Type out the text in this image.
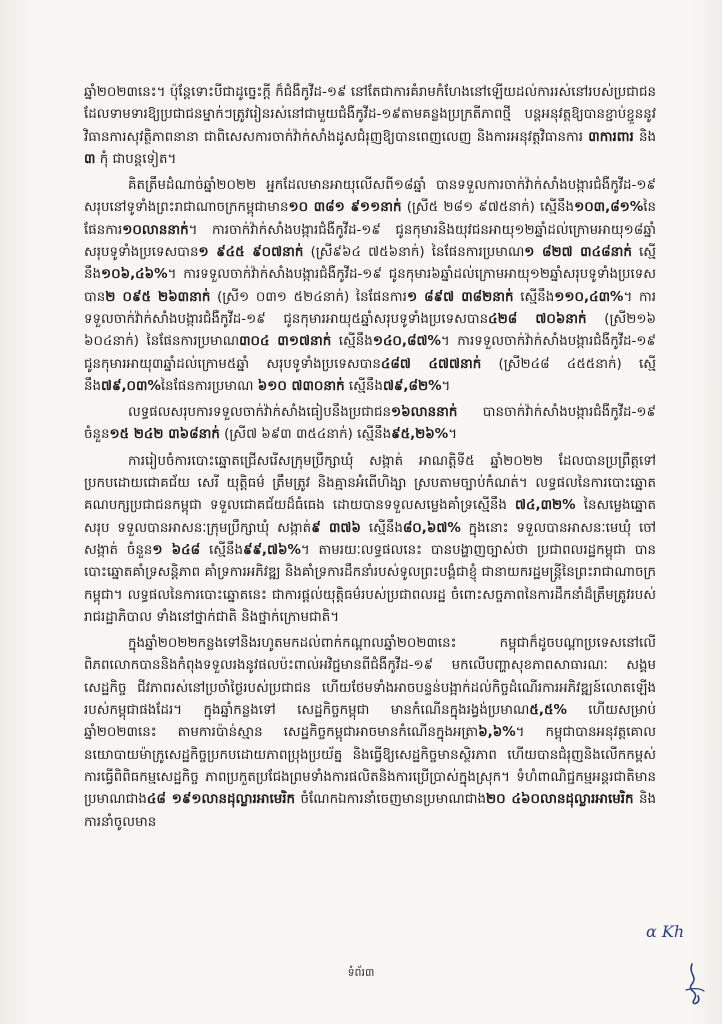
ឆ្នាំ២០២៣នេះ។ ប៉ុន្តែទោះបីជាដូច្នេះក្តី ក៏ជំងឺកូវីដ-១៩ នៅតែជាការគំរាមកំហែងនៅឡើយដល់ការរស់នៅរបស់ប្រជាជន ដែលទាមទារឱ្យប្រជាជនម្នាក់ៗត្រូវរៀនរស់នៅជាមួយជំងឺកូវីដ-១៩តាមគន្លងប្រក្រតីភាពថ្មី បន្តអនុវត្តឱ្យបានខ្ជាប់ខ្ជួននូវវិធានការសុវត្ថិភាពនានា ជាពិសេសការចាក់វ៉ាក់សាំងដូសជំរុញឱ្យបានពេញលេញ និងការអនុវត្តវិធានការ ៣ការពារ និង ៣ កុំ ជាបន្តទៀត។

គិតត្រឹមដំណាច់ឆ្នាំ២០២២ អ្នកដែលមានអាយុលើសពី១៨ឆ្នាំ បានទទួលការចាក់វ៉ាក់សាំងបង្ការជំងឺកូវីដ-១៩ សរុបនៅទូទាំងព្រះរាជាណាចក្រកម្ពុជាមាន១០ ៣៨១ ៩១១នាក់ (ស្រី៥ ២៨១ ៩៧៥នាក់) ស្មើនឹង១០៣,៨១%នៃផែនការ១០លាននាក់។ ការចាក់វ៉ាក់សាំងបង្ការជំងឺកូវីដ-១៩ ជូនកុមារនិងយុវជនអាយុ១២ឆ្នាំដល់ក្រោមអាយុ១៨ឆ្នាំ សរុបទូទាំងប្រទេសបាន១ ៩៤៥ ៩០៧នាក់ (ស្រី៩៦៤ ៧៥៦នាក់) នៃផែនការប្រមាណ១ ៨២៧ ៣៤៨នាក់ ស្មើនឹង១០៦,៤៦%។ ការទទួលចាក់វ៉ាក់សាំងបង្ការជំងឺកូវីដ-១៩ ជូនកុមារ៦ឆ្នាំដល់ក្រោមអាយុ១២ឆ្នាំសរុបទូទាំងប្រទេសបាន២ ០៩៥ ២៦៣នាក់ (ស្រី១ ០៣១ ៥២៤នាក់) នៃផែនការ១ ៨៩៧ ៣៨២នាក់ ស្មើនឹង១១០,៤៣%។ ការទទួលចាក់វ៉ាក់សាំងបង្ការជំងឺកូវីដ-១៩ ជូនកុមារអាយុ៥ឆ្នាំសរុបទូទាំងប្រទេសបាន៤២៨ ៧០៦នាក់ (ស្រី២១៦ ៦០៤នាក់) នៃផែនការប្រមាណ៣០៤ ៣១៧នាក់ ស្មើនឹង១៤០,៨៧%។ ការទទួលចាក់វ៉ាក់សាំងបង្ការជំងឺកូវីដ-១៩ ជូនកុមារអាយុ៣ឆ្នាំដល់ក្រោម៥ឆ្នាំ សរុបទូទាំងប្រទេសបាន៤៨៧ ៤៧៧នាក់ (ស្រី២៤៨ ៤៥៥នាក់) ស្មើនឹង៧៩,០៣%នៃផែនការប្រមាណ ៦១០ ៧៣០នាក់ ស្មើនឹង៧៩,៨២%។

លទ្ធផលសរុបការទទួលចាក់វ៉ាក់សាំងធៀបនឹងប្រជាជន១៦លាននាក់ បានចាក់វ៉ាក់សាំងបង្ការជំងឺកូវីដ-១៩ ចំនួន១៥ ២៤២ ៣៦៨នាក់ (ស្រី៧ ៦៩៣ ៣៥៤នាក់) ស្មើនឹង៩៥,២៦%។

ការរៀបចំការបោះឆ្នោតជ្រើសរើសក្រុមប្រឹក្សាឃុំ សង្កាត់ អាណត្តិទី៥ ឆ្នាំ២០២២ ដែលបានប្រព្រឹត្តទៅប្រកបដោយជោគជ័យ សេរី យុត្តិធម៌ ត្រឹមត្រូវ និងគ្មានអំពើហិង្សា ស្របតាមច្បាប់កំណត់។ លទ្ធផលនៃការបោះឆ្នោតគណបក្សប្រជាជនកម្ពុជា ទទួលជោគជ័យដ៏ធំធេង ដោយបានទទួលសម្លេងគាំទ្រស្មើនឹង ៧៤,៣២% នៃសម្លេងឆ្នោតសរុប ទទួលបានអាសនៈក្រុមប្រឹក្សាឃុំ សង្កាត់៩ ៣៧៦ ស្មើនឹង៨០,៦៧% ក្នុងនោះ ទទួលបានអាសនៈមេឃុំ ចៅសង្កាត់ ចំនួន១ ៦៤៨ ស្មើនឹង៩៩,៧៦%។ តាមរយៈលទ្ធផលនេះ បានបង្ហាញច្បាស់ថា ប្រជាពលរដ្ឋកម្ពុជា បានបោះឆ្នោតគាំទ្រសន្តិភាព គាំទ្រការអភិវឌ្ឍ និងគាំទ្រការដឹកនាំរបស់ទូលព្រះបង្គំជាខ្ញុំ ជានាយករដ្ឋមន្ត្រីនៃព្រះរាជាណាចក្រកម្ពុជា។ លទ្ធផលនៃការបោះឆ្នោតនេះ ជាការផ្តល់យុត្តិធម៌របស់ប្រជាពលរដ្ឋ ចំពោះសច្ចភាពនៃការដឹកនាំដ៏ត្រឹមត្រូវរបស់រាជរដ្ឋាភិបាល ទាំងនៅថ្នាក់ជាតិ និងថ្នាក់ក្រោមជាតិ។

ក្នុងឆ្នាំ២០២២កន្លងទៅនិងរហូតមកដល់ពាក់កណ្តាលឆ្នាំ២០២៣នេះ កម្ពុជាក៏ដូចបណ្តាប្រទេសនៅលើពិភពលោកបាននិងកំពុងទទួលរងនូវផលប៉ះពាល់អវិជ្ជមានពីជំងឺកូវីដ-១៩ មកលើបញ្ហាសុខភាពសាធារណៈ សង្គម សេដ្ឋកិច្ច ជីវភាពរស់នៅប្រចាំថ្ងៃរបស់ប្រជាជន ហើយថែមទាំងអាចបន្ទន់បង្អាក់ដល់កិច្ចដំណើរការអភិវឌ្ឍន៍លោតឡើងរបស់កម្ពុជាផងដែរ។ ក្នុងឆ្នាំកន្លងទៅ សេដ្ឋកិច្ចកម្ពុជា មានកំណើនក្នុងរង្វង់ប្រមាណ៥,៥% ហើយសម្រាប់ឆ្នាំ២០២៣នេះ តាមការប៉ាន់ស្មាន សេដ្ឋកិច្ចកម្ពុជាអាចមានកំណើនក្នុងអត្រា៦,៦%។ កម្ពុជាបានអនុវត្តគោលនយោបាយម៉ាក្រូសេដ្ឋកិច្ចប្រកបដោយភាពប្រុងប្រយ័ត្ន និងធ្វើឱ្យសេដ្ឋកិច្ចមានស្ថិរភាព ហើយបានជំរុញនិងលើកកម្ពស់ការធ្វើពិពិធកម្មសេដ្ឋកិច្ច ភាពប្រកួតប្រជែងព្រមទាំងការផលិតនិងការប្រើប្រាស់ក្នុងស្រុក។ ទំហំពាណិជ្ជកម្មអន្តរជាតិមានប្រមាណជាង៤៨ ១៩១លានដុល្លារអាមេរិក ចំណែកឯការនាំចេញមានប្រមាណជាង២០ ៤៦០លានដុល្លារអាមេរិក និងការនាំចូលមាន

α Kh
ទំព័រ៣
